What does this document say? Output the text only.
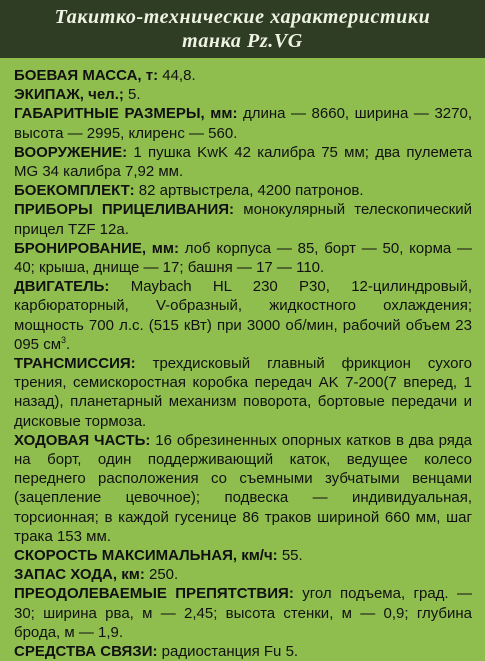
Такитко-технические характеристики
танка Pz.VG

БОЕВАЯ МАССА, т: 44,8.

ЭКИПАЖ, чел.; 5.

ГАБАРИТНЫЕ РАЗМЕРЫ, мм: длина — 8660, ширина — 3270, высота — 2995, клиренс — 560.

ВООРУЖЕНИЕ: 1 пушка KwK 42 калибра 75 мм; два пулемета MG 34 калибра 7,92 мм.

БОЕКОМПЛЕКТ: 82 артвыстрела, 4200 патронов.

ПРИБОРЫ ПРИЦЕЛИВАНИЯ: монокулярный телескопический прицел TZF 12а.

БРОНИРОВАНИЕ, мм: лоб корпуса — 85, борт — 50, корма — 40; крыша, днище — 17; башня — 17 — 110.

ДВИГАТЕЛЬ: Maybach HL 230 Р30, 12-цилиндровый, карбюраторный, V-образный, жидкостного охлаждения; мощность 700 л.с. (515 кВт) при 3000 об/мин, рабочий объем 23 095 $см^3$.

ТРАНСМИССИЯ: трехдисковый главный фрикцион сухого трения, семискоростная коробка передач AK 7-200(7 вперед, 1 назад), планетарный механизм поворота, бортовые передачи и дисковые тормоза.

ХОДОВАЯ ЧАСТЬ: 16 обрезиненных опорных катков в два ряда на борт, один поддерживающий каток, ведущее колесо переднего расположения со съемными зубчатыми венцами (зацепление цевочное); подвеска — индивидуальная, торсионная; в каждой гусенице 86 траков шириной 660 мм, шаг трака 153 мм.

СКОРОСТЬ МАКСИМАЛЬНАЯ, км/ч: 55.

ЗАПАС ХОДА, км: 250.

ПРЕОДОЛЕВАЕМЫЕ ПРЕПЯТСТВИЯ: угол подъема, град. — 30; ширина рва, м — 2,45; высота стенки, м — 0,9; глубина брода, м — 1,9.

СРЕДСТВА СВЯЗИ: радиостанция Fu 5.
